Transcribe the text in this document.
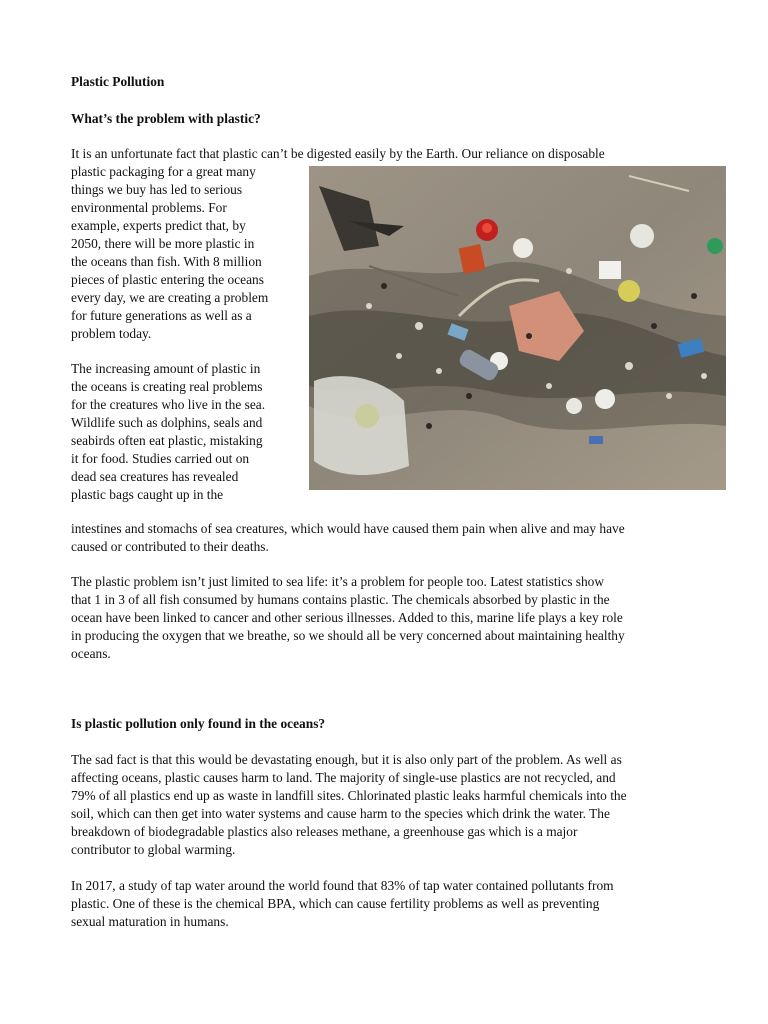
Plastic Pollution
What’s the problem with plastic?
It is an unfortunate fact that plastic can’t be digested easily by the Earth. Our reliance on disposable
plastic packaging for a great many
things we buy has led to serious
environmental problems. For
example, experts predict that, by
2050, there will be more plastic in
the oceans than fish. With 8 million
pieces of plastic entering the oceans
every day, we are creating a problem
for future generations as well as a
problem today.
The increasing amount of plastic in
the oceans is creating real problems
for the creatures who live in the sea.
Wildlife such as dolphins, seals and
seabirds often eat plastic, mistaking
it for food. Studies carried out on
dead sea creatures has revealed
plastic bags caught up in the
intestines and stomachs of sea creatures, which would have caused them pain when alive and may have
caused or contributed to their deaths.
The plastic problem isn’t just limited to sea life: it’s a problem for people too. Latest statistics show
that 1 in 3 of all fish consumed by humans contains plastic. The chemicals absorbed by plastic in the
ocean have been linked to cancer and other serious illnesses. Added to this, marine life plays a key role
in producing the oxygen that we breathe, so we should all be very concerned about maintaining healthy
oceans.
Is plastic pollution only found in the oceans?
The sad fact is that this would be devastating enough, but it is also only part of the problem. As well as
affecting oceans, plastic causes harm to land. The majority of single-use plastics are not recycled, and
79% of all plastics end up as waste in landfill sites. Chlorinated plastic leaks harmful chemicals into the
soil, which can then get into water systems and cause harm to the species which drink the water. The
breakdown of biodegradable plastics also releases methane, a greenhouse gas which is a major
contributor to global warming.
In 2017, a study of tap water around the world found that 83% of tap water contained pollutants from
plastic. One of these is the chemical BPA, which can cause fertility problems as well as preventing
sexual maturation in humans.
